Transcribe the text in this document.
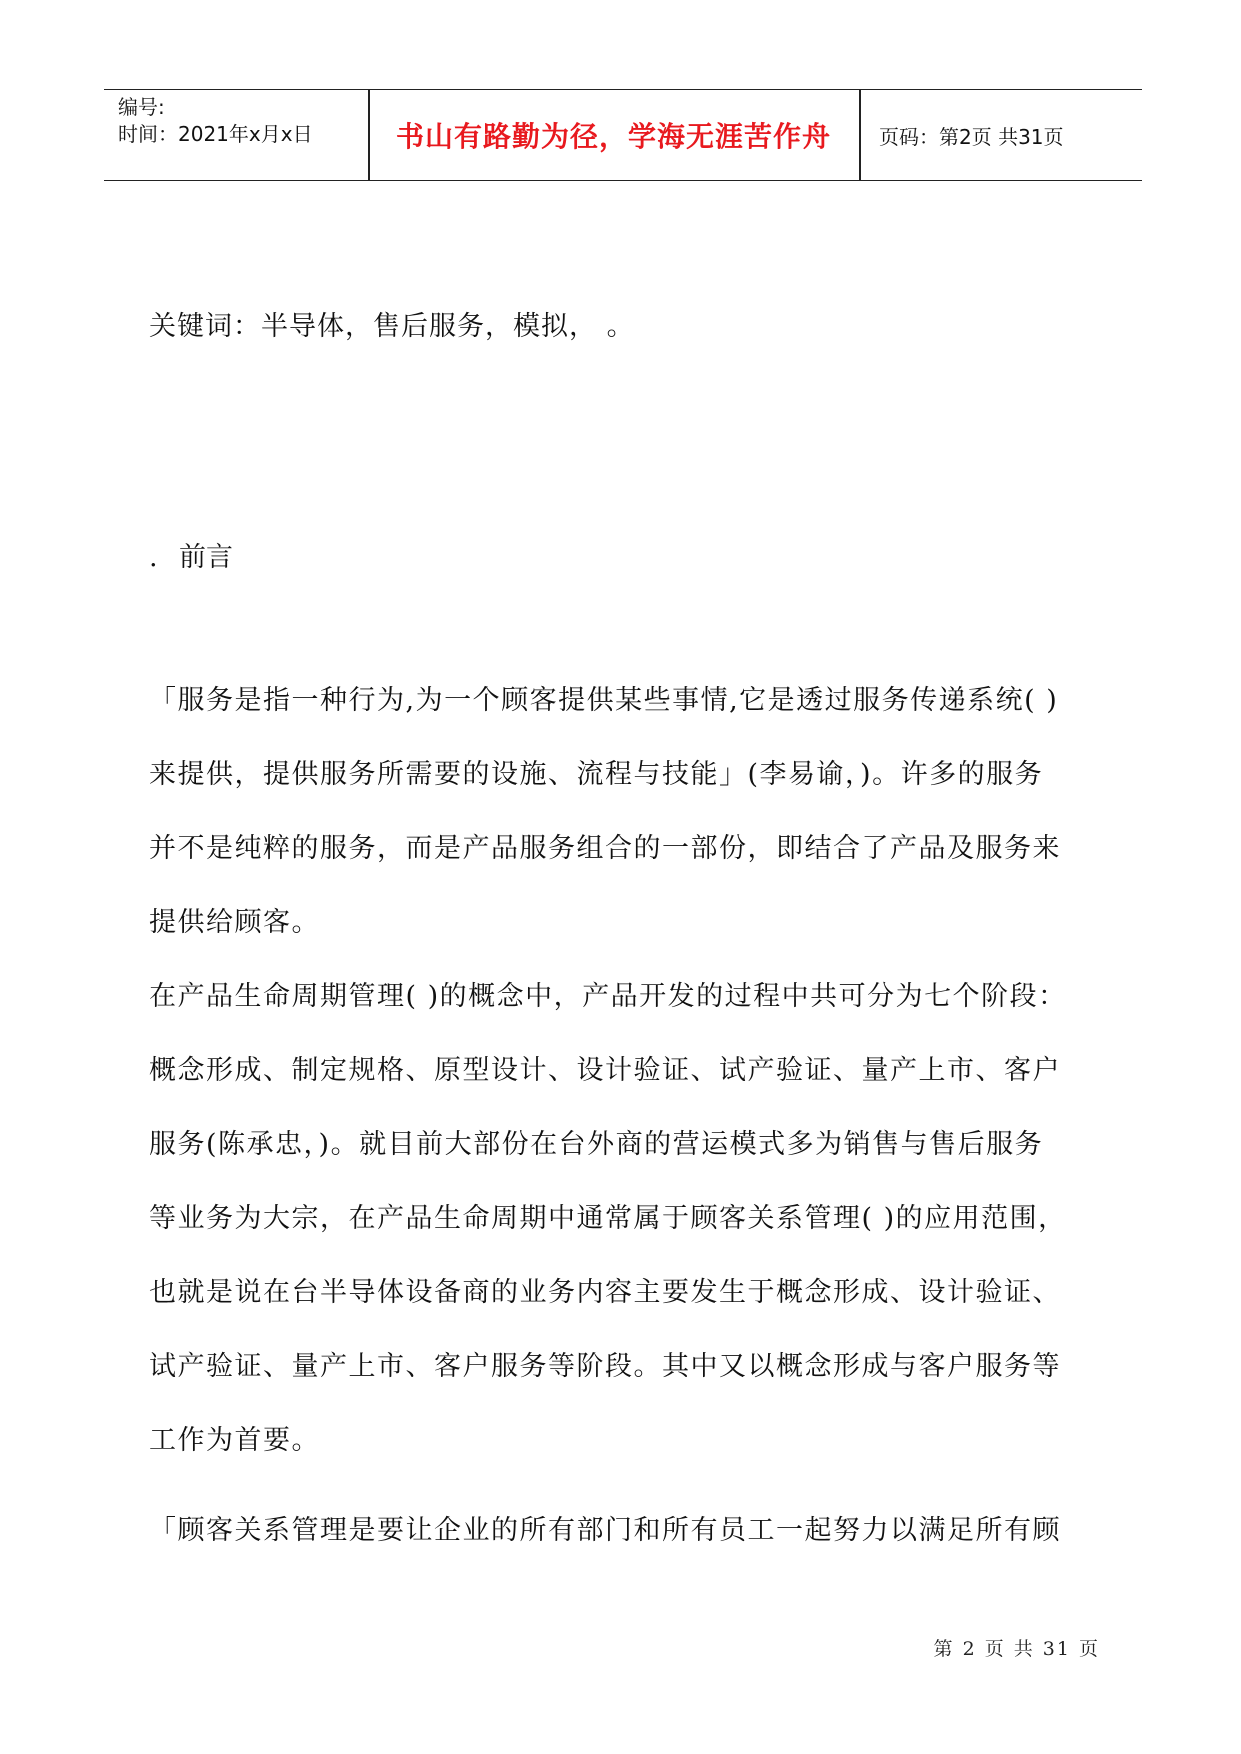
编号:
时间：2021年x月x日	书山有路勤为径，学海无涯苦作舟	页码：第2页 共31页
关键词：半导体，售后服务，模拟， 。
. 前言
「服务是指一种行为,为一个顾客提供某些事情,它是透过服务传递系统( )
来提供，提供服务所需要的设施、流程与技能」(李易谕，)。许多的服务
并不是纯粹的服务，而是产品服务组合的一部份，即结合了产品及服务来
提供给顾客。
在产品生命周期管理( )的概念中，产品开发的过程中共可分为七个阶段：
概念形成、制定规格、原型设计、设计验证、试产验证、量产上市、客户
服务(陈承忠，)。就目前大部份在台外商的营运模式多为销售与售后服务
等业务为大宗，在产品生命周期中通常属于顾客关系管理( )的应用范围，
也就是说在台半导体设备商的业务内容主要发生于概念形成、设计验证、
试产验证、量产上市、客户服务等阶段。其中又以概念形成与客户服务等
工作为首要。
「顾客关系管理是要让企业的所有部门和所有员工一起努力以满足所有顾
第 2 页 共 31 页
